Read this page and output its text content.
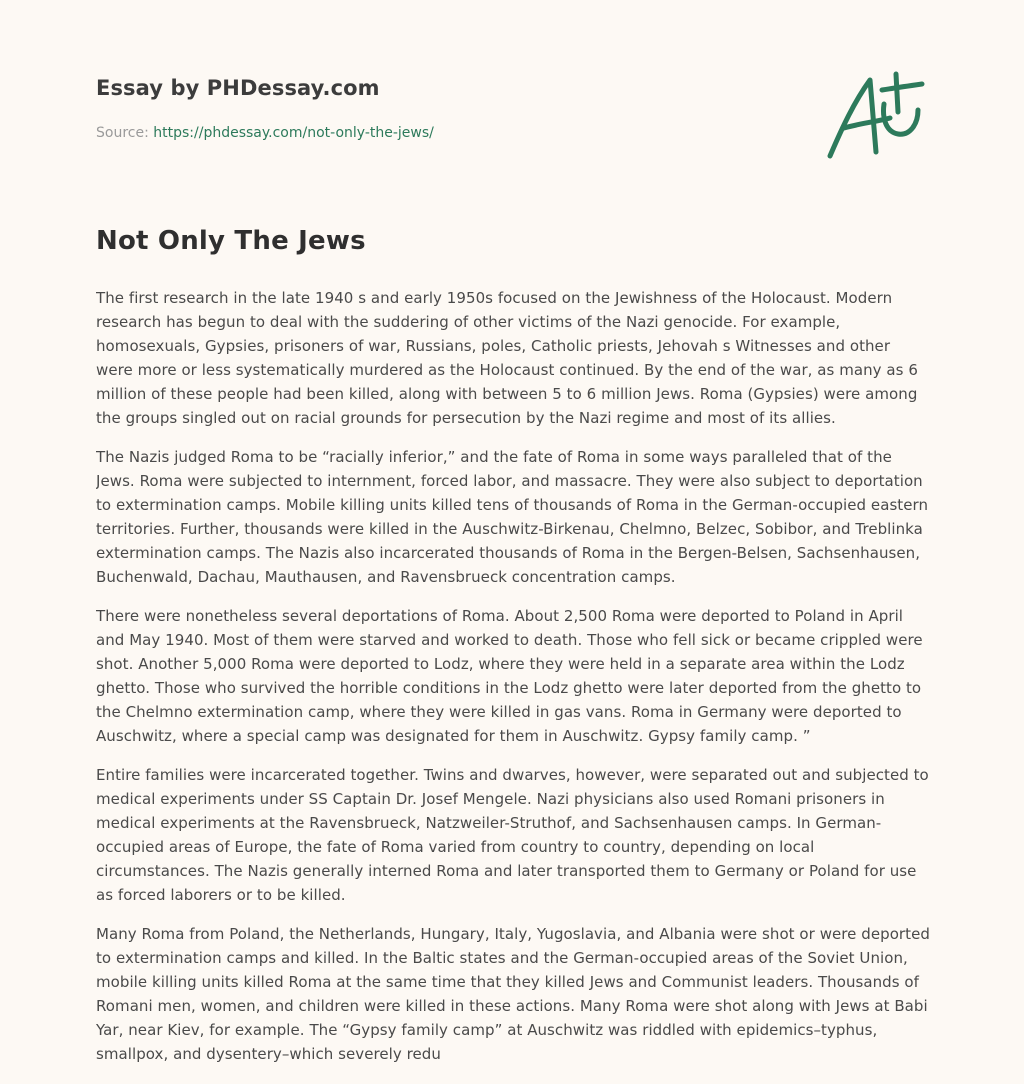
Essay by PHDessay.com

Source: https://phdessay.com/not-only-the-jews/

Not Only The Jews

The first research in the late 1940 s and early 1950s focused on the Jewishness of the Holocaust. Modern research has begun to deal with the suddering of other victims of the Nazi genocide. For example, homosexuals, Gypsies, prisoners of war, Russians, poles, Catholic priests, Jehovah s Witnesses and other were more or less systematically murdered as the Holocaust continued. By the end of the war, as many as 6 million of these people had been killed, along with between 5 to 6 million Jews. Roma (Gypsies) were among the groups singled out on racial grounds for persecution by the Nazi regime and most of its allies.

The Nazis judged Roma to be “racially inferior,” and the fate of Roma in some ways paralleled that of the Jews. Roma were subjected to internment, forced labor, and massacre. They were also subject to deportation to extermination camps. Mobile killing units killed tens of thousands of Roma in the German-occupied eastern territories. Further, thousands were killed in the Auschwitz-Birkenau, Chelmno, Belzec, Sobibor, and Treblinka extermination camps. The Nazis also incarcerated thousands of Roma in the Bergen-Belsen, Sachsenhausen, Buchenwald, Dachau, Mauthausen, and Ravensbrueck concentration camps.

There were nonetheless several deportations of Roma. About 2,500 Roma were deported to Poland in April and May 1940. Most of them were starved and worked to death. Those who fell sick or became crippled were shot. Another 5,000 Roma were deported to Lodz, where they were held in a separate area within the Lodz ghetto. Those who survived the horrible conditions in the Lodz ghetto were later deported from the ghetto to the Chelmno extermination camp, where they were killed in gas vans. Roma in Germany were deported to Auschwitz, where a special camp was designated for them in Auschwitz. Gypsy family camp. ”

Entire families were incarcerated together. Twins and dwarves, however, were separated out and subjected to medical experiments under SS Captain Dr. Josef Mengele. Nazi physicians also used Romani prisoners in medical experiments at the Ravensbrueck, Natzweiler-Struthof, and Sachsenhausen camps. In German-occupied areas of Europe, the fate of Roma varied from country to country, depending on local circumstances. The Nazis generally interned Roma and later transported them to Germany or Poland for use as forced laborers or to be killed.

Many Roma from Poland, the Netherlands, Hungary, Italy, Yugoslavia, and Albania were shot or were deported to extermination camps and killed. In the Baltic states and the German-occupied areas of the Soviet Union, mobile killing units killed Roma at the same time that they killed Jews and Communist leaders. Thousands of Romani men, women, and children were killed in these actions. Many Roma were shot along with Jews at Babi Yar, near Kiev, for example. The “Gypsy family camp” at Auschwitz was riddled with epidemics–typhus, smallpox, and dysentery–which severely redu
